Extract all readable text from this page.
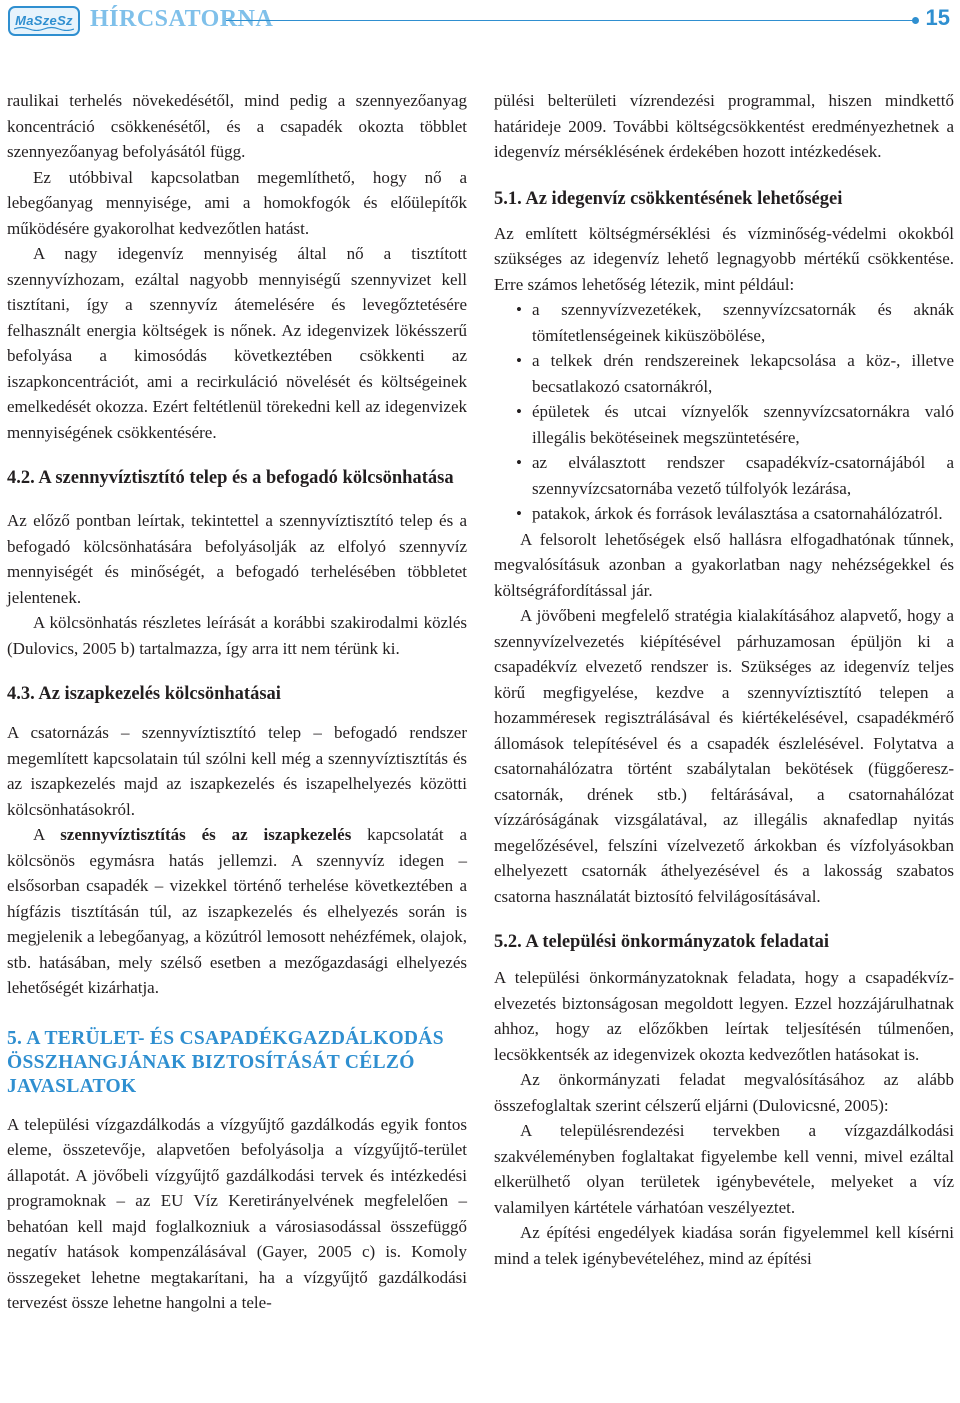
MaSzeSz HÍRCSATORNA	15

raulikai terhelés növekedésétől, mind pedig a szennyezőanyag koncentráció csökkenésétől, és a csapadék okozta többlet szennyezőanyag befolyásától függ.

Ez utóbbival kapcsolatban megemlíthető, hogy nő a lebegőanyag mennyisége, ami a homokfogók és előülepítők működésére gyakorolhat kedvezőtlen hatást.

A nagy idegenvíz mennyiség által nő a tisztított szennyvízhozam, ezáltal nagyobb mennyiségű szennyvizet kell tisztítani, így a szennyvíz átemelésére és levegőztetésére felhasznált energia költségek is nőnek. Az idegenvizek lökésszerű befolyása a kimosódás következtében csökkenti az iszapkoncentrációt, ami a recirkuláció növelését és költségeinek emelkedését okozza. Ezért feltétlenül törekedni kell az idegenvizek mennyiségének csökkentésére.

4.2. A szennyvíztisztító telep és a befogadó kölcsönhatása

Az előző pontban leírtak, tekintettel a szennyvíztisztító telep és a befogadó kölcsönhatására befolyásolják az elfolyó szennyvíz mennyiségét és minőségét, a befogadó terhelésében többletet jelentenek.

A kölcsönhatás részletes leírását a korábbi szakirodalmi közlés (Dulovics, 2005 b) tartalmazza, így arra itt nem térünk ki.

4.3. Az iszapkezelés kölcsönhatásai

A csatornázás – szennyvíztisztító telep – befogadó rendszer megemlített kapcsolatain túl szólni kell még a szennyvíztisztítás és az iszapkezelés majd az iszapkezelés és iszapelhelyezés közötti kölcsönhatásokról.

A szennyvíztisztítás és az iszapkezelés kapcsolatát a kölcsönös egymásra hatás jellemzi. A szennyvíz idegen – elsősorban csapadék – vizekkel történő terhelése következtében a hígfázis tisztításán túl, az iszapkezelés és elhelyezés során is megjelenik a lebegőanyag, a közútról lemosott nehézfémek, olajok, stb. hatásában, mely szélső esetben a mezőgazdasági elhelyezés lehetőségét kizárhatja.

5. A TERÜLET- ÉS CSAPADÉKGAZDÁLKODÁS ÖSSZHANGJÁNAK BIZTOSÍTÁSÁT CÉLZÓ JAVASLATOK

A települési vízgazdálkodás a vízgyűjtő gazdálkodás egyik fontos eleme, összetevője, alapvetően befolyásolja a vízgyűjtő-terület állapotát. A jövőbeli vízgyűjtő gazdálkodási tervek és intézkedési programoknak – az EU Víz Keretirányelvének megfelelően – behatóan kell majd foglalkozniuk a városiasodással összefüggő negatív hatások kompenzálásával (Gayer, 2005 c) is. Komoly összegeket lehetne megtakarítani, ha a vízgyűjtő gazdálkodási tervezést össze lehetne hangolni a tele-

pülési belterületi vízrendezési programmal, hiszen mindkettő határideje 2009. További költségcsökkentést eredményezhetnek a idegenvíz mérséklésének érdekében hozott intézkedések.

5.1. Az idegenvíz csökkentésének lehetőségei

Az említett költségmérséklési és vízminőség-védelmi okokból szükséges az idegenvíz lehető legnagyobb mértékű csökkentése. Erre számos lehetőség létezik, mint például:

• a szennyvízvezetékek, szennyvízcsatornák és aknák tömítetlenségeinek kiküszöbölése,
• a telkek drén rendszereinek lekapcsolása a köz-, illetve becsatlakozó csatornákról,
• épületek és utcai víznyelők szennyvízcsatornákra való illegális bekötéseinek megszüntetésére,
• az elválasztott rendszer csapadékvíz-csatornájából a szennyvízcsatornába vezető túlfolyók lezárása,
• patakok, árkok és források leválasztása a csatornahálózatról.

A felsorolt lehetőségek első hallásra elfogadhatónak tűnnek, megvalósításuk azonban a gyakorlatban nagy nehézségekkel és költségráfordítással jár.

A jövőbeni megfelelő stratégia kialakításához alapvető, hogy a szennyvízelvezetés kiépítésével párhuzamosan épüljön ki a csapadékvíz elvezető rendszer is. Szükséges az idegenvíz teljes körű megfigyelése, kezdve a szennyvíztisztító telepen a hozamméresek regisztrálásával és kiértékelésével, csapadékmérő állomások telepítésével és a csapadék észlelésével. Folytatva a csatornahálózatra történt szabálytalan bekötések (függőeresz-csatornák, drének stb.) feltárásával, a csatornahálózat vízzáróságának vizsgálatával, az illegális aknafedlap nyitás megelőzésével, felszíni vízelvezető árkokban és vízfolyásokban elhelyezett csatornák áthelyezésével és a lakosság szabatos csatorna használatát biztosító felvilágosításával.

5.2. A települési önkormányzatok feladatai

A települési önkormányzatoknak feladata, hogy a csapadékvíz-elvezetés biztonságosan megoldott legyen. Ezzel hozzájárulhatnak ahhoz, hogy az előzőkben leírtak teljesítésén túlmenően, lecsökkentsék az idegenvizek okozta kedvezőtlen hatásokat is.

Az önkormányzati feladat megvalósításához az alább összefoglaltak szerint célszerű eljárni (Dulovicsné, 2005):

A településrendezési tervekben a vízgazdálkodási szakvéleményben foglaltakat figyelembe kell venni, mivel ezáltal elkerülhető olyan területek igénybevétele, melyeket a víz valamilyen kártétele várhatóan veszélyeztet.

Az építési engedélyek kiadása során figyelemmel kell kísérni mind a telek igénybevételéhez, mind az építési
